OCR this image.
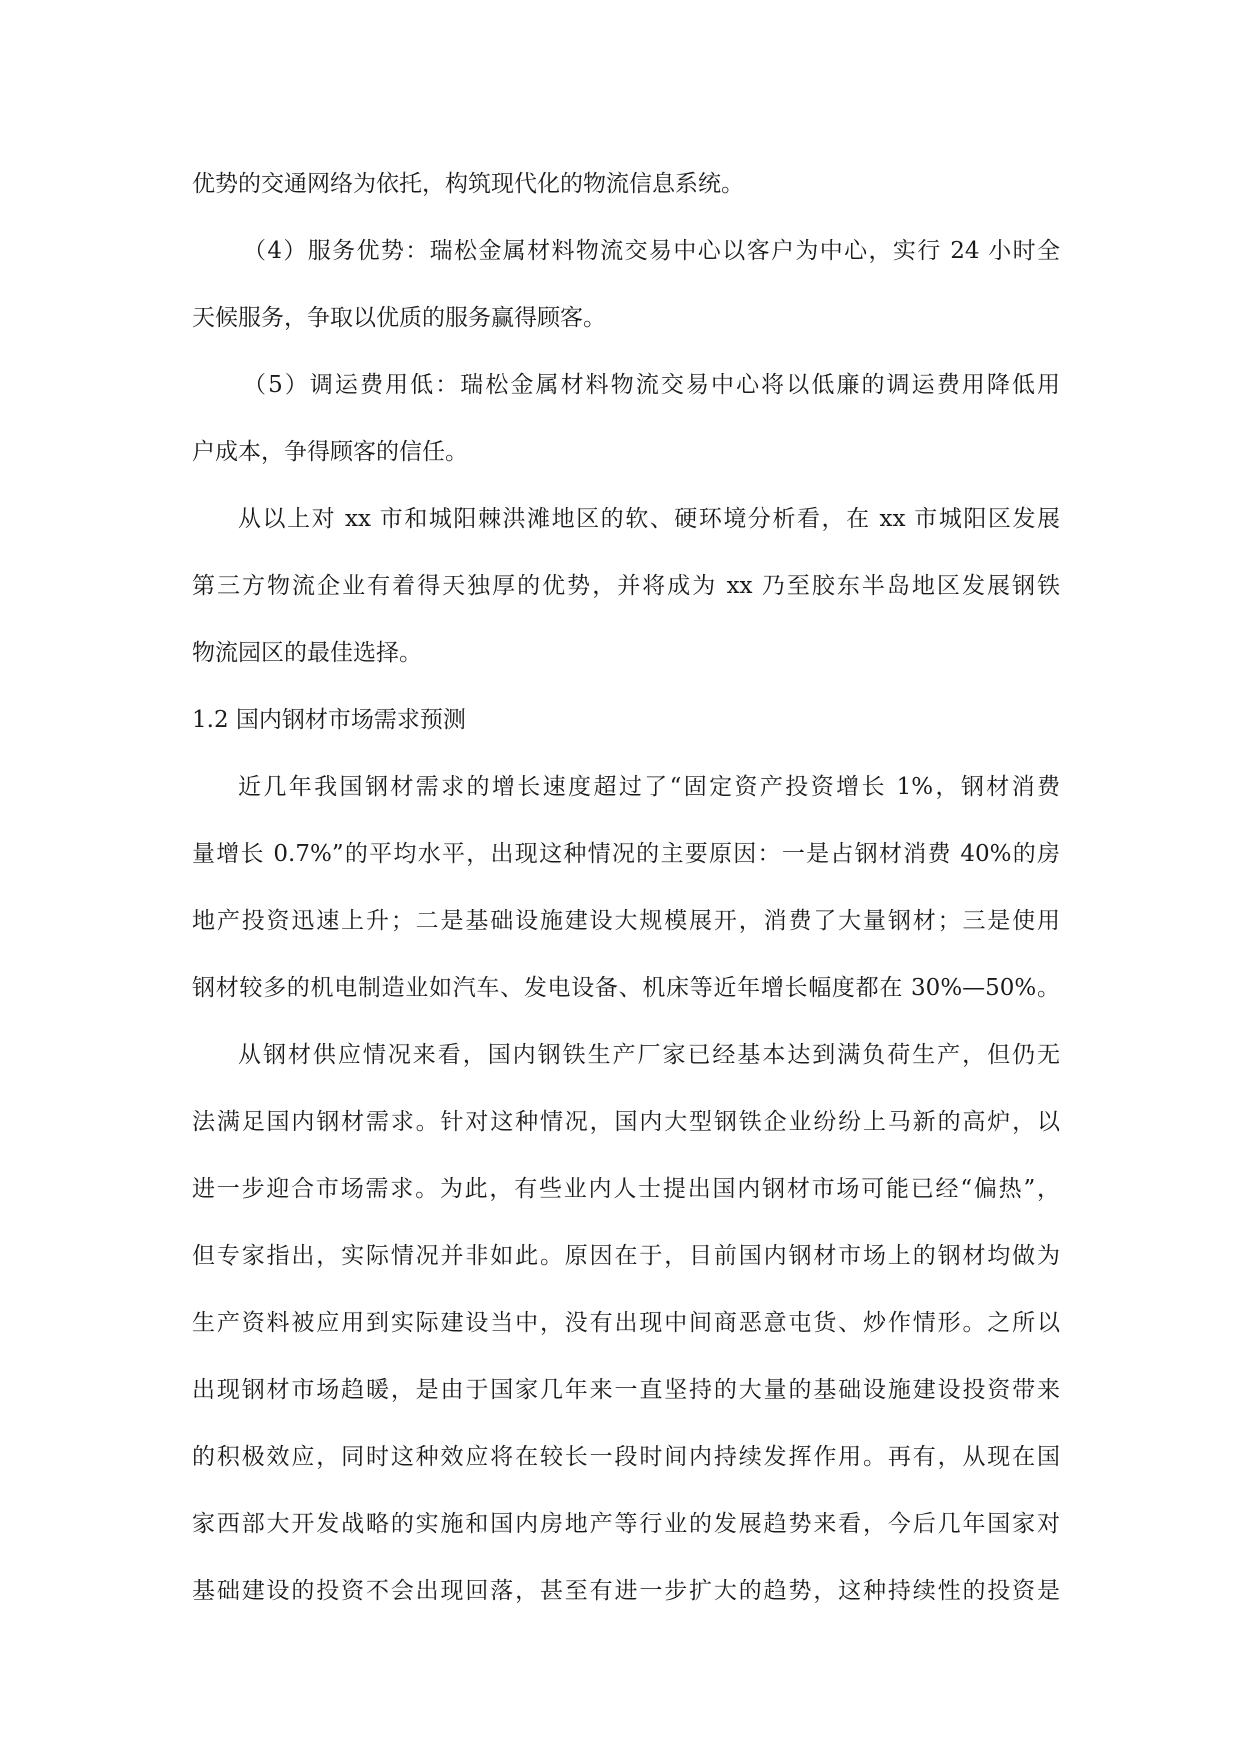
优势的交通网络为依托，构筑现代化的物流信息系统。
（4）服务优势：瑞松金属材料物流交易中心以客户为中心，实行 24 小时全
天候服务，争取以优质的服务赢得顾客。
（5）调运费用低：瑞松金属材料物流交易中心将以低廉的调运费用降低用
户成本，争得顾客的信任。
从以上对 xx 市和城阳棘洪滩地区的软、硬环境分析看，在 xx 市城阳区发展
第三方物流企业有着得天独厚的优势，并将成为 xx 乃至胶东半岛地区发展钢铁
物流园区的最佳选择。
1.2 国内钢材市场需求预测
近几年我国钢材需求的增长速度超过了“固定资产投资增长 1%，钢材消费
量增长 0.7%”的平均水平，出现这种情况的主要原因：一是占钢材消费 40%的房
地产投资迅速上升；二是基础设施建设大规模展开，消费了大量钢材；三是使用
钢材较多的机电制造业如汽车、发电设备、机床等近年增长幅度都在 30%—50%。
从钢材供应情况来看，国内钢铁生产厂家已经基本达到满负荷生产，但仍无
法满足国内钢材需求。针对这种情况，国内大型钢铁企业纷纷上马新的高炉，以
进一步迎合市场需求。为此，有些业内人士提出国内钢材市场可能已经“偏热”，
但专家指出，实际情况并非如此。原因在于，目前国内钢材市场上的钢材均做为
生产资料被应用到实际建设当中，没有出现中间商恶意屯货、炒作情形。之所以
出现钢材市场趋暖，是由于国家几年来一直坚持的大量的基础设施建设投资带来
的积极效应，同时这种效应将在较长一段时间内持续发挥作用。再有，从现在国
家西部大开发战略的实施和国内房地产等行业的发展趋势来看，今后几年国家对
基础建设的投资不会出现回落，甚至有进一步扩大的趋势，这种持续性的投资是
